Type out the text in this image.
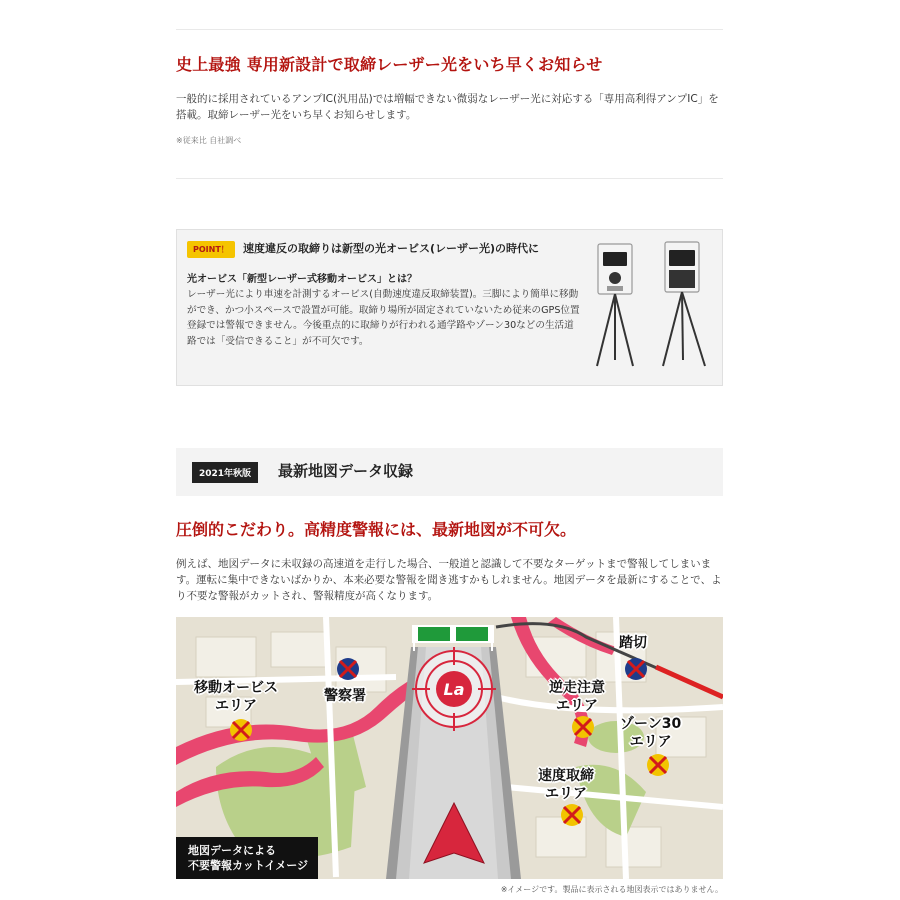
史上最強 専用新設計で取締レーザー光をいち早くお知らせ
一般的に採用されているアンプIC(汎用品)では増幅できない微弱なレーザー光に対応する「専用高利得アンプIC」を搭載。取締レーザー光をいち早くお知らせします。
※従来比 自社調べ
POINT！	速度違反の取締りは新型の光オービス(レーザー光)の時代に
光オービス「新型レーザー式移動オービス」とは？
レーザー光により車速を計測するオービス(自動速度違反取締装置)。三脚により簡単に移動ができ、かつ小スペースで設置が可能。取締り場所が固定されていないため従来のGPS位置登録では警報できません。今後重点的に取締りが行われる通学路やゾーン30などの生活道路では「受信できること」が不可欠です。
2021年秋版	最新地図データ収録
圧倒的こだわり。高精度警報には、最新地図が不可欠。
例えば、地図データに未収録の高速道を走行した場合、一般道と認識して不要なターゲットまで警報してしまいます。運転に集中できないばかりか、本来必要な警報を聞き逃すかもしれません。地図データを最新にすることで、より不要な警報がカットされ、警報精度が高くなります。
La
移動オービス
エリア
警察署
踏切
逆走注意
エリア
ゾーン30
エリア
速度取締
エリア
地図データによる
不要警報カットイメージ
※イメージです。製品に表示される地図表示ではありません。
